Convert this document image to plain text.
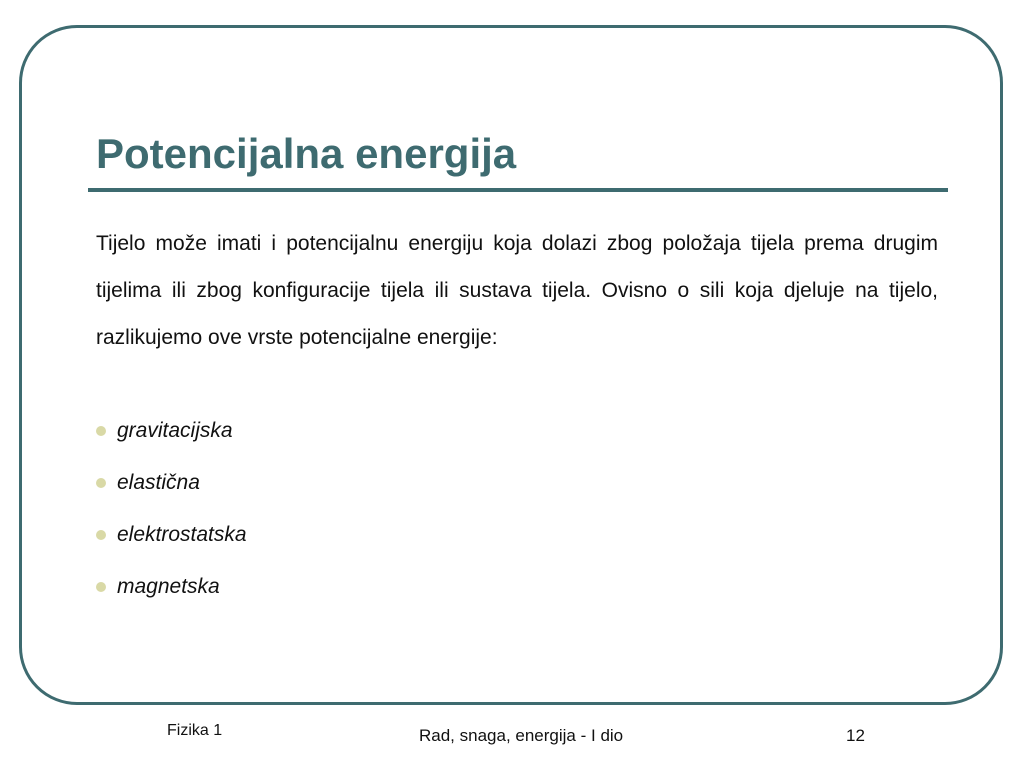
Potencijalna energija

Tijelo može imati i potencijalnu energiju koja dolazi zbog položaja tijela prema drugim tijelima ili zbog konfiguracije tijela ili sustava tijela. Ovisno o sili koja djeluje na tijelo, razlikujemo ove vrste potencijalne energije:

gravitacijska
elastična
elektrostatska
magnetska
Fizika 1	Rad, snaga, energija - I dio	12
